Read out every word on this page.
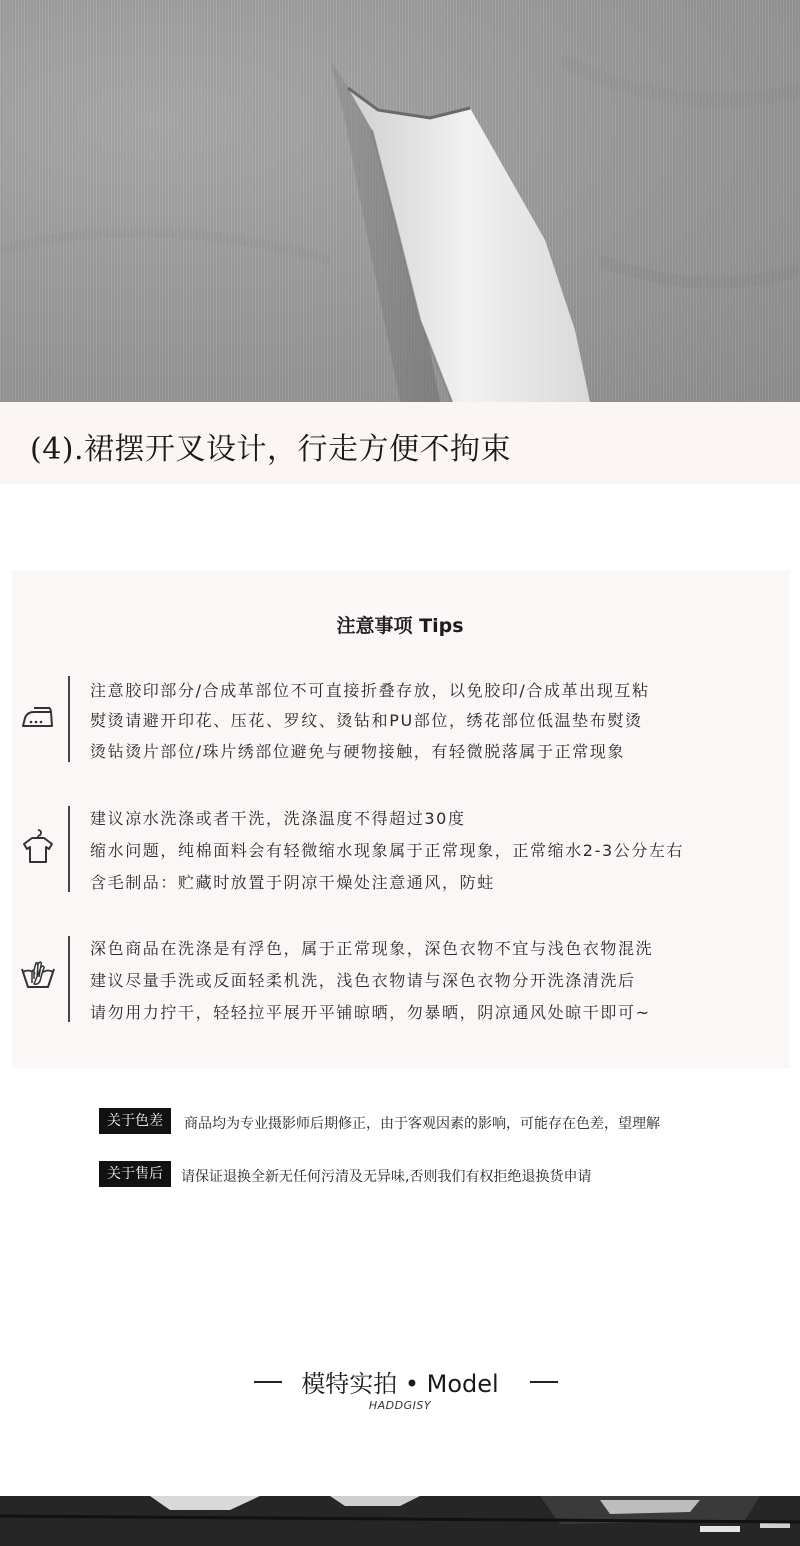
(4).裙摆开叉设计，行走方便不拘束
注意事项 Tips
注意胶印部分/合成革部位不可直接折叠存放，以免胶印/合成革出现互粘
熨烫请避开印花、压花、罗纹、烫钻和PU部位，绣花部位低温垫布熨烫
烫钻烫片部位/珠片绣部位避免与硬物接触，有轻微脱落属于正常现象
建议凉水洗涤或者干洗，洗涤温度不得超过30度
缩水问题，纯棉面料会有轻微缩水现象属于正常现象，正常缩水2-3公分左右
含毛制品：贮藏时放置于阴凉干燥处注意通风，防蛀
深色商品在洗涤是有浮色，属于正常现象，深色衣物不宜与浅色衣物混洗
建议尽量手洗或反面轻柔机洗，浅色衣物请与深色衣物分开洗涤清洗后
请勿用力拧干，轻轻拉平展开平铺晾晒，勿暴晒，阴凉通风处晾干即可~
关于色差	商品均为专业摄影师后期修正，由于客观因素的影响，可能存在色差，望理解
关于售后	请保证退换全新无任何污清及无异味,否则我们有权拒绝退换货申请
模特实拍 • Model
HADDGISY
